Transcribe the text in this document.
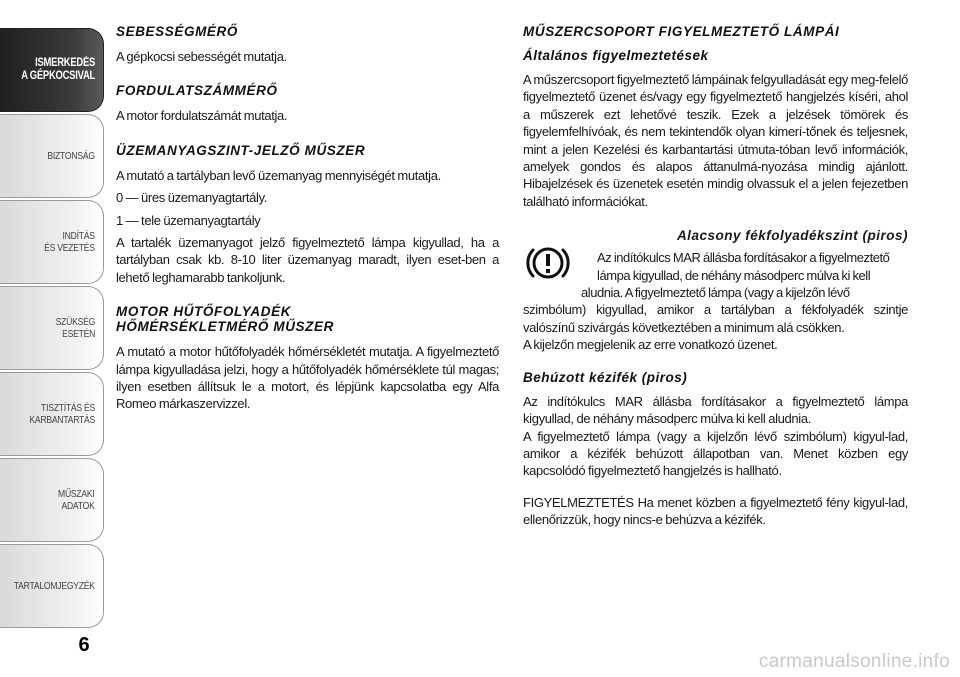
ISMERKEDÉS
A GÉPKOCSIVAL
BIZTONSÁG
INDÍTÁS
ÉS VEZETÉS
SZÜKSÉG
ESETÉN
TISZTÍTÁS ÉS
KARBANTARTÁS
MŰSZAKI
ADATOK
TARTALOMJEGYZÉK
6
SEBESSÉGMÉRŐ

A gépkocsi sebességét mutatja.

FORDULATSZÁMMÉRŐ

A motor fordulatszámát mutatja.

ÜZEMANYAGSZINT-JELZŐ MŰSZER

A mutató a tartályban levő üzemanyag mennyiségét mutatja.

0 — üres üzemanyagtartály.

1 — tele üzemanyagtartály

A tartalék üzemanyagot jelző figyelmeztető lámpa kigyullad, ha a tartályban csak kb. 8-10 liter üzemanyag maradt, ilyen eset-ben a lehető leghamarabb tankoljunk.

MOTOR HŰTŐFOLYADÉK
HŐMÉRSÉKLETMÉRŐ MŰSZER

A mutató a motor hűtőfolyadék hőmérsékletét mutatja. A figyelmeztető lámpa kigyulladása jelzi, hogy a hűtőfolyadék hőmérséklete túl magas; ilyen esetben állítsuk le a motort, és lépjünk kapcsolatba egy Alfa Romeo márkaszervizzel.

MŰSZERCSOPORT FIGYELMEZTETŐ LÁMPÁI
Általános figyelmeztetések

A műszercsoport figyelmeztető lámpáinak felgyulladását egy meg-felelő figyelmeztető üzenet és/vagy egy figyelmeztető hangjelzés kíséri, ahol a műszerek ezt lehetővé teszik. Ezek a jelzések tömörek és figyelemfelhívóak, és nem tekintendők olyan kimerí-tőnek és teljesnek, mint a jelen Kezelési és karbantartási útmuta-tóban levő információk, amelyek gondos és alapos áttanulmá-nyozása mindig ajánlott. Hibajelzések és üzenetek esetén mindig olvassuk el a jelen fejezetben található információkat.

Alacsony fékfolyadékszint (piros)
Az indítókulcs MAR állásba fordításakor a figyelmeztető
lámpa kigyullad, de néhány másodperc múlva ki kell
aludnia. A figyelmeztető lámpa (vagy a kijelzőn lévő

szimbólum) kigyullad, amikor a tartályban a fékfolyadék szintje valószínű szivárgás következtében a minimum alá csökken.

A kijelzőn megjelenik az erre vonatkozó üzenet.

Behúzott kézifék (piros)

Az indítókulcs MAR állásba fordításakor a figyelmeztető lámpa kigyullad, de néhány másodperc múlva ki kell aludnia.

A figyelmeztető lámpa (vagy a kijelzőn lévő szimbólum) kigyul-lad, amikor a kézifék behúzott állapotban van. Menet közben egy kapcsolódó figyelmeztető hangjelzés is hallható.

FIGYELMEZTETÉS Ha menet közben a figyelmeztető fény kigyul-lad, ellenőrizzük, hogy nincs-e behúzva a kézifék.

carmanualsonline.info
